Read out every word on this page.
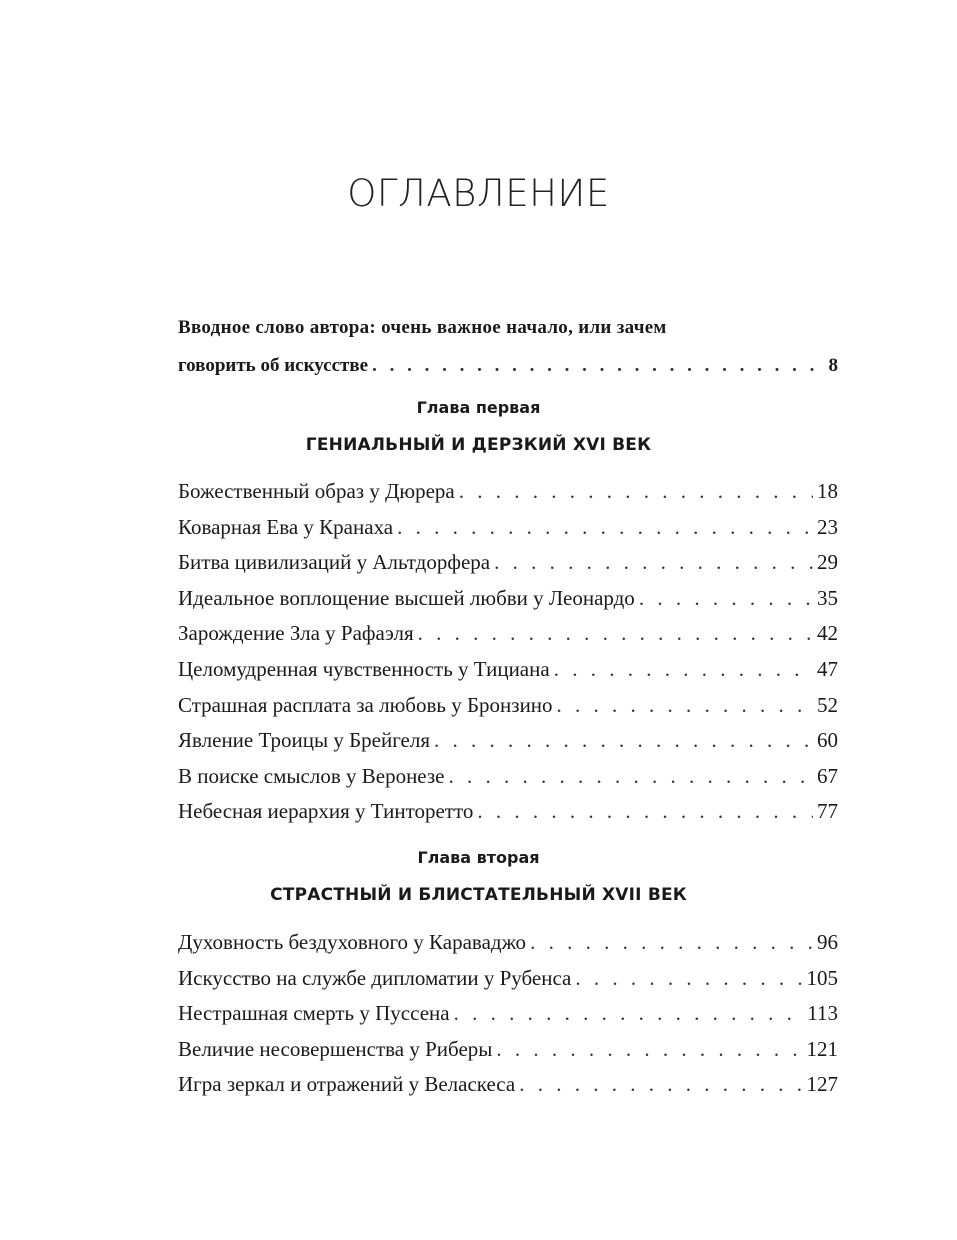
ОГЛАВЛЕНИЕ
Вводное слово автора: очень важное начало, или зачем
говорить об искусстве . . .	8
Глава первая
ГЕНИАЛЬНЫЙ И ДЕРЗКИЙ XVI ВЕК
Божественный образ у Дюрера . . .	18
Коварная Ева у Кранаха . . .	23
Битва цивилизаций у Альтдорфера . . .	29
Идеальное воплощение высшей любви у Леонардо . . .	35
Зарождение Зла у Рафаэля . . .	42
Целомудренная чувственность у Тициана . . .	47
Страшная расплата за любовь у Бронзино . . .	52
Явление Троицы у Брейгеля . . .	60
В поиске смыслов у Веронезе . . .	67
Небесная иерархия у Тинторетто . . .	77
Глава вторая
СТРАСТНЫЙ И БЛИСТАТЕЛЬНЫЙ XVII ВЕК
Духовность бездуховного у Караваджо . . .	96
Искусство на службе дипломатии у Рубенса . . .	105
Нестрашная смерть у Пуссена . . .	113
Величие несовершенства у Риберы . . .	121
Игра зеркал и отражений у Веласкеса . . .	127
